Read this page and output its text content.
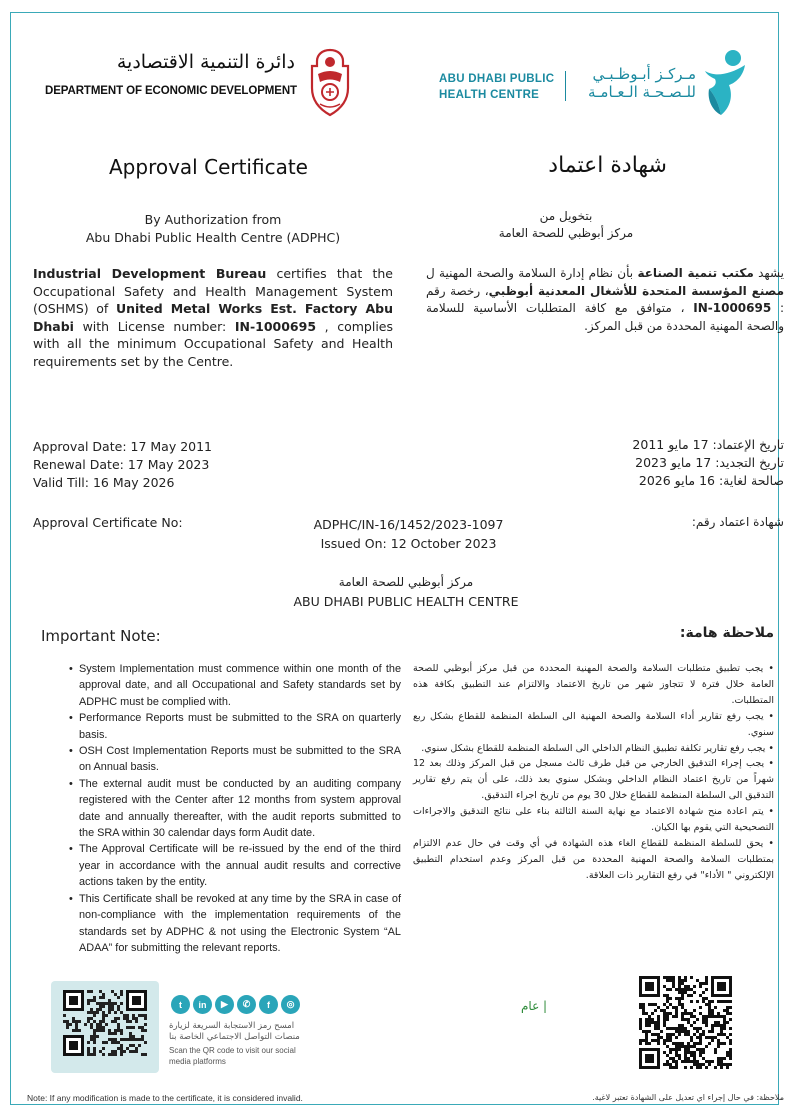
دائرة التنمية الاقتصادية
DEPARTMENT OF ECONOMIC DEVELOPMENT
ABU DHABI PUBLIC
HEALTH CENTRE
مـركـز أبـوظـبـي
للـصـحـة الـعـامـة
Approval Certificate	شهادة اعتماد
By Authorization from
Abu Dhabi Public Health Centre (ADPHC)
بتخويل من
مركز أبوظبي للصحة العامة
Industrial Development Bureau certifies that the Occupational Safety and Health Management System (OSHMS) of United Metal Works Est. Factory Abu Dhabi with License number: IN-1000695 , complies with all the minimum Occupational Safety and Health requirements set by the Centre.
يشهد مكتب تنمية الصناعة بأن نظام إدارة السلامة والصحة المهنية ل مصنع المؤسسة المتحدة للأشغال المعدنية أبوظبي، رخصة رقم : IN-1000695 ، متوافق مع كافة المتطلبات الأساسية للسلامة والصحة المهنية المحددة من قبل المركز.
Approval Date: 17 May 2011
Renewal Date: 17 May 2023
Valid Till: 16 May 2026
تاريخ الإعتماد: 17 مايو 2011
تاريخ التجديد: 17 مايو 2023
صالحة لغاية: 16 مايو 2026
Approval Certificate No:	ADPHC/IN-16/1452/2023-1097
Issued On: 12 October 2023
شهادة اعتماد رقم:
مركز أبوظبي للصحة العامة
ABU DHABI PUBLIC HEALTH CENTRE
Important Note:	ملاحظة هامة:
• System Implementation must commence within one month of the approval date, and all Occupational and Safety standards set by ADPHC must be complied with.
• Performance Reports must be submitted to the SRA on quarterly basis.
• OSH Cost Implementation Reports must be submitted to the SRA on Annual basis.
• The external audit must be conducted by an auditing company registered with the Center after 12 months from system approval date and annually thereafter, with the audit reports submitted to the SRA within 30 calendar days form Audit date.
• The Approval Certificate will be re-issued by the end of the third year in accordance with the annual audit results and corrective actions taken by the entity.
• This Certificate shall be revoked at any time by the SRA in case of non-compliance with the implementation requirements of the standards set by ADPHC & not using the Electronic System “AL ADAA” for submitting the relevant reports.
• يجب تطبيق متطلبات السلامة والصحة المهنية المحددة من قبل مركز أبوظبي للصحة العامة خلال فترة لا تتجاوز شهر من تاريخ الاعتماد والالتزام عند التطبيق بكافة هذه المتطلبات.
• يجب رفع تقارير أداء السلامة والصحة المهنية الى السلطة المنظمة للقطاع بشكل ربع سنوي.
• يجب رفع تقارير تكلفة تطبيق النظام الداخلي الى السلطة المنظمة للقطاع بشكل سنوي.
• يجب إجراء التدقيق الخارجي من قبل طرف ثالث مسجل من قبل المركز وذلك بعد 12 شهراً من تاريخ اعتماد النظام الداخلي وبشكل سنوي بعد ذلك، على أن يتم رفع تقارير التدقيق الى السلطة المنظمة للقطاع خلال 30 يوم من تاريخ اجراء التدقيق.
• يتم اعادة منح شهادة الاعتماد مع نهاية السنة الثالثة بناء على نتائج التدقيق والاجراءات التصحيحية التي يقوم بها الكيان.
• يحق للسلطة المنظمة للقطاع الغاء هذه الشهادة في أي وقت في حال عدم الالتزام بمتطلبات السلامة والصحة المهنية المحددة من قبل المركز وعدم استخدام التطبيق الإلكتروني " الأداء" في رفع التقارير ذات العلاقة.
t	in	▶	✆	f	◎
امسح رمز الاستجابة السريعة لزيارة منصات التواصل الاجتماعي الخاصة بنا
Scan the QR code to visit our social media platforms
| عام
Note: If any modification is made to the certificate, it is considered invalid.	ملاحظة: في حال إجراء اي تعديل على الشهادة تعتبر لاغية.
